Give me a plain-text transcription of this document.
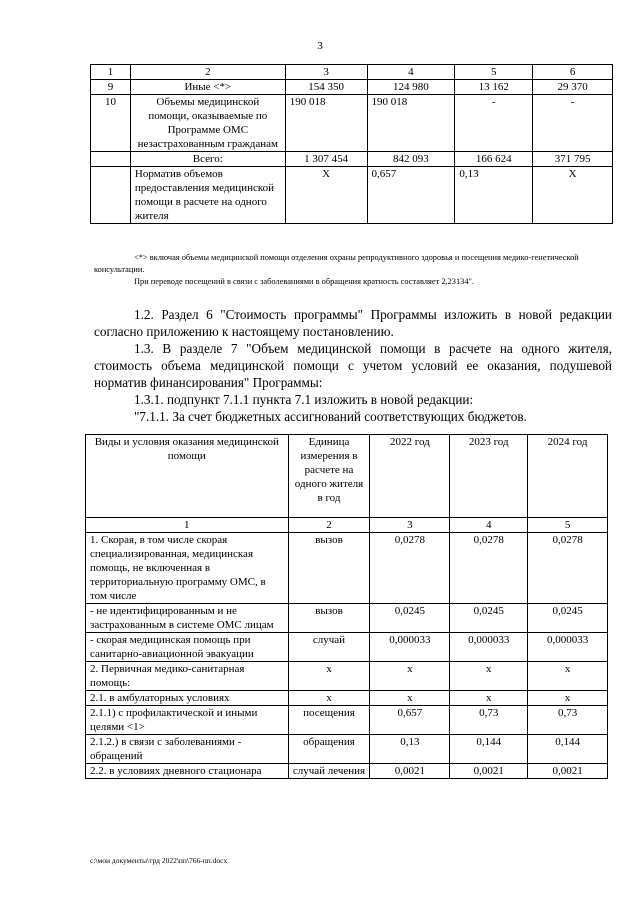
3
1	2	3	4	5	6
9	Иные <*>	154 350	124 980	13 162	29 370
10	Объемы медицинской помощи, оказываемые по Программе ОМС незастрахованным гражданам	190 018	190 018	-	-
	Всего:	1 307 454	842 093	166 624	371 795
	Норматив объемов предоставления медицинской помощи в расчете на одного жителя	X	0,657	0,13	X

<*> включая объемы медицинской помощи отделения охраны репродуктивного здоровья и посещения медико-генетической консультации.

При переводе посещений в связи с заболеваниями в обращения кратность составляет 2,23134".

1.2. Раздел 6 "Стоимость программы" Программы изложить в новой редакции согласно приложению к настоящему постановлению.

1.3. В разделе 7 "Объем медицинской помощи в расчете на одного жителя, стоимость объема медицинской помощи с учетом условий ее оказания, подушевой норматив финансирования" Программы:

1.3.1. подпункт 7.1.1 пункта 7.1 изложить в новой редакции:

"7.1.1. За счет бюджетных ассигнований соответствующих бюджетов.

Виды и условия оказания медицинской помощи	Единица измерения в расчете на одного жителя в год	2022 год	2023 год	2024 год
1	2	3	4	5
1. Скорая, в том числе скорая специализированная, медицинская помощь, не включенная в территориальную программу ОМС, в том числе	вызов	0,0278	0,0278	0,0278
- не идентифицированным и не застрахованным в системе ОМС лицам	вызов	0,0245	0,0245	0,0245
- скорая медицинская помощь при санитарно-авиационной эвакуации	случай	0,000033	0,000033	0,000033
2. Первичная медико-санитарная помощь:	х	х	х	х
2.1. в амбулаторных условиях	х	х	х	х
2.1.1) с профилактической и иными целями <1>	посещения	0,657	0,73	0,73
2.1.2.) в связи с заболеваниями - обращений	обращения	0,13	0,144	0,144
2.2. в условиях дневного стационара	случай лечения	0,0021	0,0021	0,0021
c:\мои документы\трд 2022\пп\766-пп.docx
